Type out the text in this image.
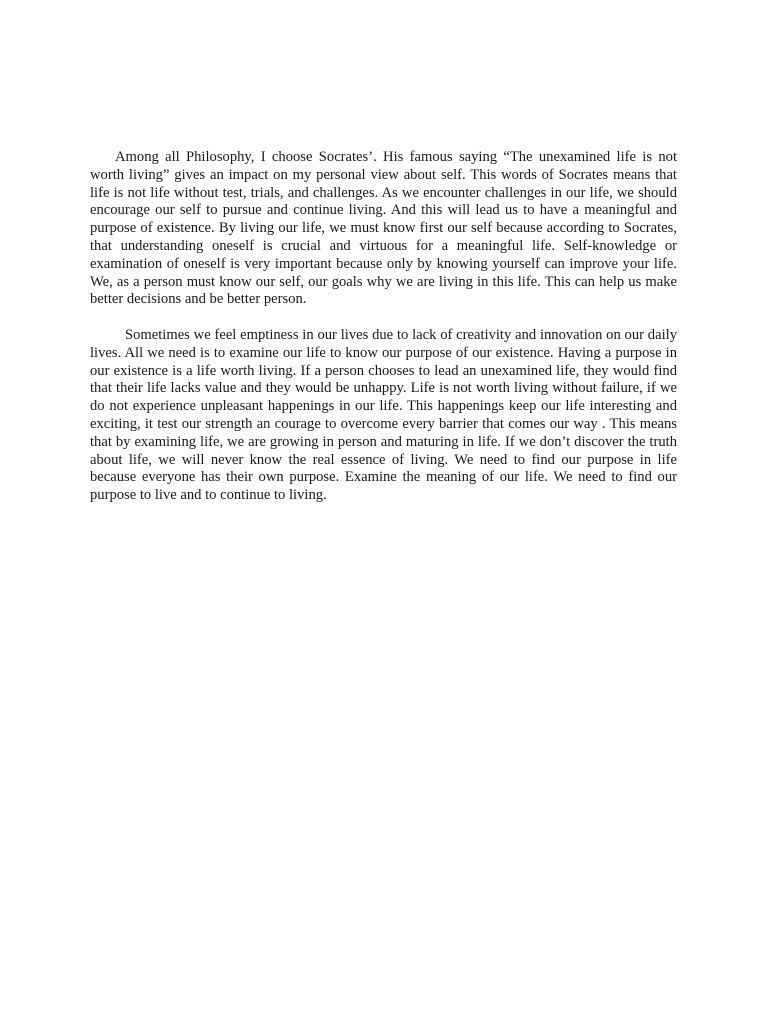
Among all Philosophy, I choose Socrates’. His famous saying “The unexamined life is not worth living” gives an impact on my personal view about self. This words of Socrates means that life is not life without test, trials, and challenges. As we encounter challenges in our life, we should encourage our self to pursue and continue living. And this will lead us to have a meaningful and purpose of existence. By living our life, we must know first our self because according to Socrates, that understanding oneself is crucial and virtuous for a meaningful life. Self-knowledge or examination of oneself is very important because only by knowing yourself can improve your life. We, as a person must know our self, our goals why we are living in this life. This can help us make better decisions and be better person.

Sometimes we feel emptiness in our lives due to lack of creativity and innovation on our daily lives. All we need is to examine our life to know our purpose of our existence. Having a purpose in our existence is a life worth living. If a person chooses to lead an unexamined life, they would find that their life lacks value and they would be unhappy. Life is not worth living without failure, if we do not experience unpleasant happenings in our life. This happenings keep our life interesting and exciting, it test our strength an courage to overcome every barrier that comes our way . This means that by examining life, we are growing in person and maturing in life. If we don’t discover the truth about life, we will never know the real essence of living. We need to find our purpose in life because everyone has their own purpose. Examine the meaning of our life. We need to find our purpose to live and to continue to living.
